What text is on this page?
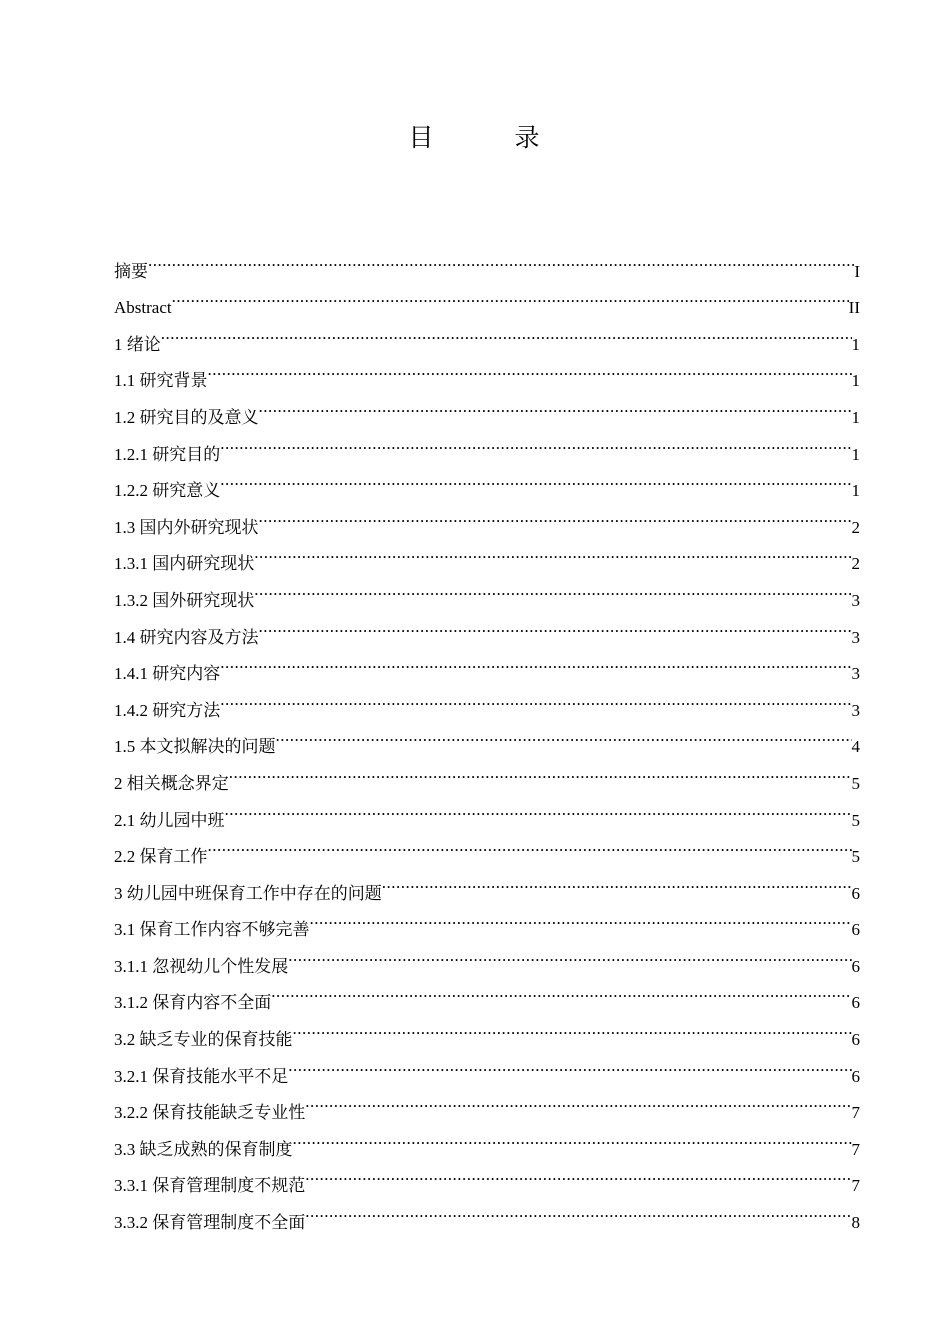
目　录
摘要 .....	I
Abstract .....	II
1 绪论 .....	1
1.1 研究背景 .....	1
1.2 研究目的及意义 .....	1
1.2.1 研究目的 .....	1
1.2.2 研究意义 .....	1
1.3 国内外研究现状 .....	2
1.3.1 国内研究现状 .....	2
1.3.2 国外研究现状 .....	3
1.4 研究内容及方法 .....	3
1.4.1 研究内容 .....	3
1.4.2 研究方法 .....	3
1.5 本文拟解决的问题 .....	4
2 相关概念界定 .....	5
2.1 幼儿园中班 .....	5
2.2 保育工作 .....	5
3 幼儿园中班保育工作中存在的问题 .....	6
3.1 保育工作内容不够完善 .....	6
3.1.1 忽视幼儿个性发展 .....	6
3.1.2 保育内容不全面 .....	6
3.2 缺乏专业的保育技能 .....	6
3.2.1 保育技能水平不足 .....	6
3.2.2 保育技能缺乏专业性 .....	7
3.3 缺乏成熟的保育制度 .....	7
3.3.1 保育管理制度不规范 .....	7
3.3.2 保育管理制度不全面 .....	8
